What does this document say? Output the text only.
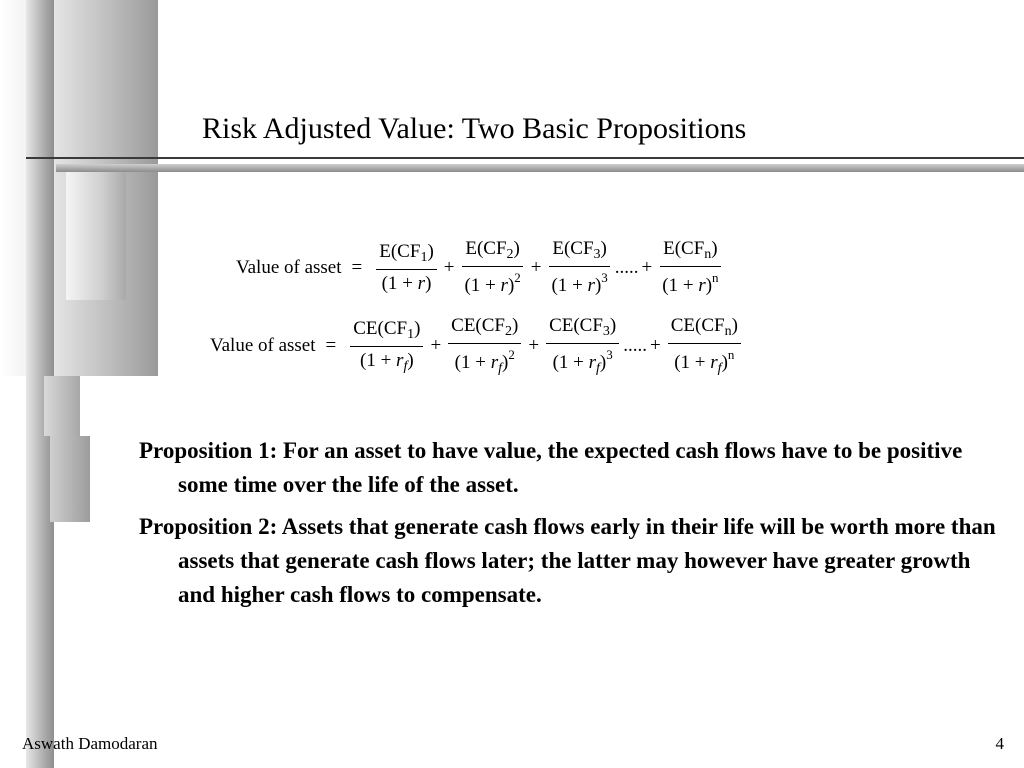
Risk Adjusted Value: Two Basic Propositions
Value of asset = $\frac{E(CF_1)}{(1 + r)} + \frac{E(CF_2)}{(1 + r)^2} + \frac{E(CF_3)}{(1 + r)^3}$ ..... + $\frac{E(CF_n)}{(1 + r)^n}$
Value of asset = $\frac{CE(CF_1)}{(1 + r_f)} + \frac{CE(CF_2)}{(1 + r_f)^2} + \frac{CE(CF_3)}{(1 + r_f)^3}$ ..... + $\frac{CE(CF_n)}{(1 + r_f)^n}$
Proposition 1: For an asset to have value, the expected cash flows have to be positive some time over the life of the asset.
Proposition 2: Assets that generate cash flows early in their life will be worth more than assets that generate cash flows later; the latter may however have greater growth and higher cash flows to compensate.
Aswath Damodaran	4
